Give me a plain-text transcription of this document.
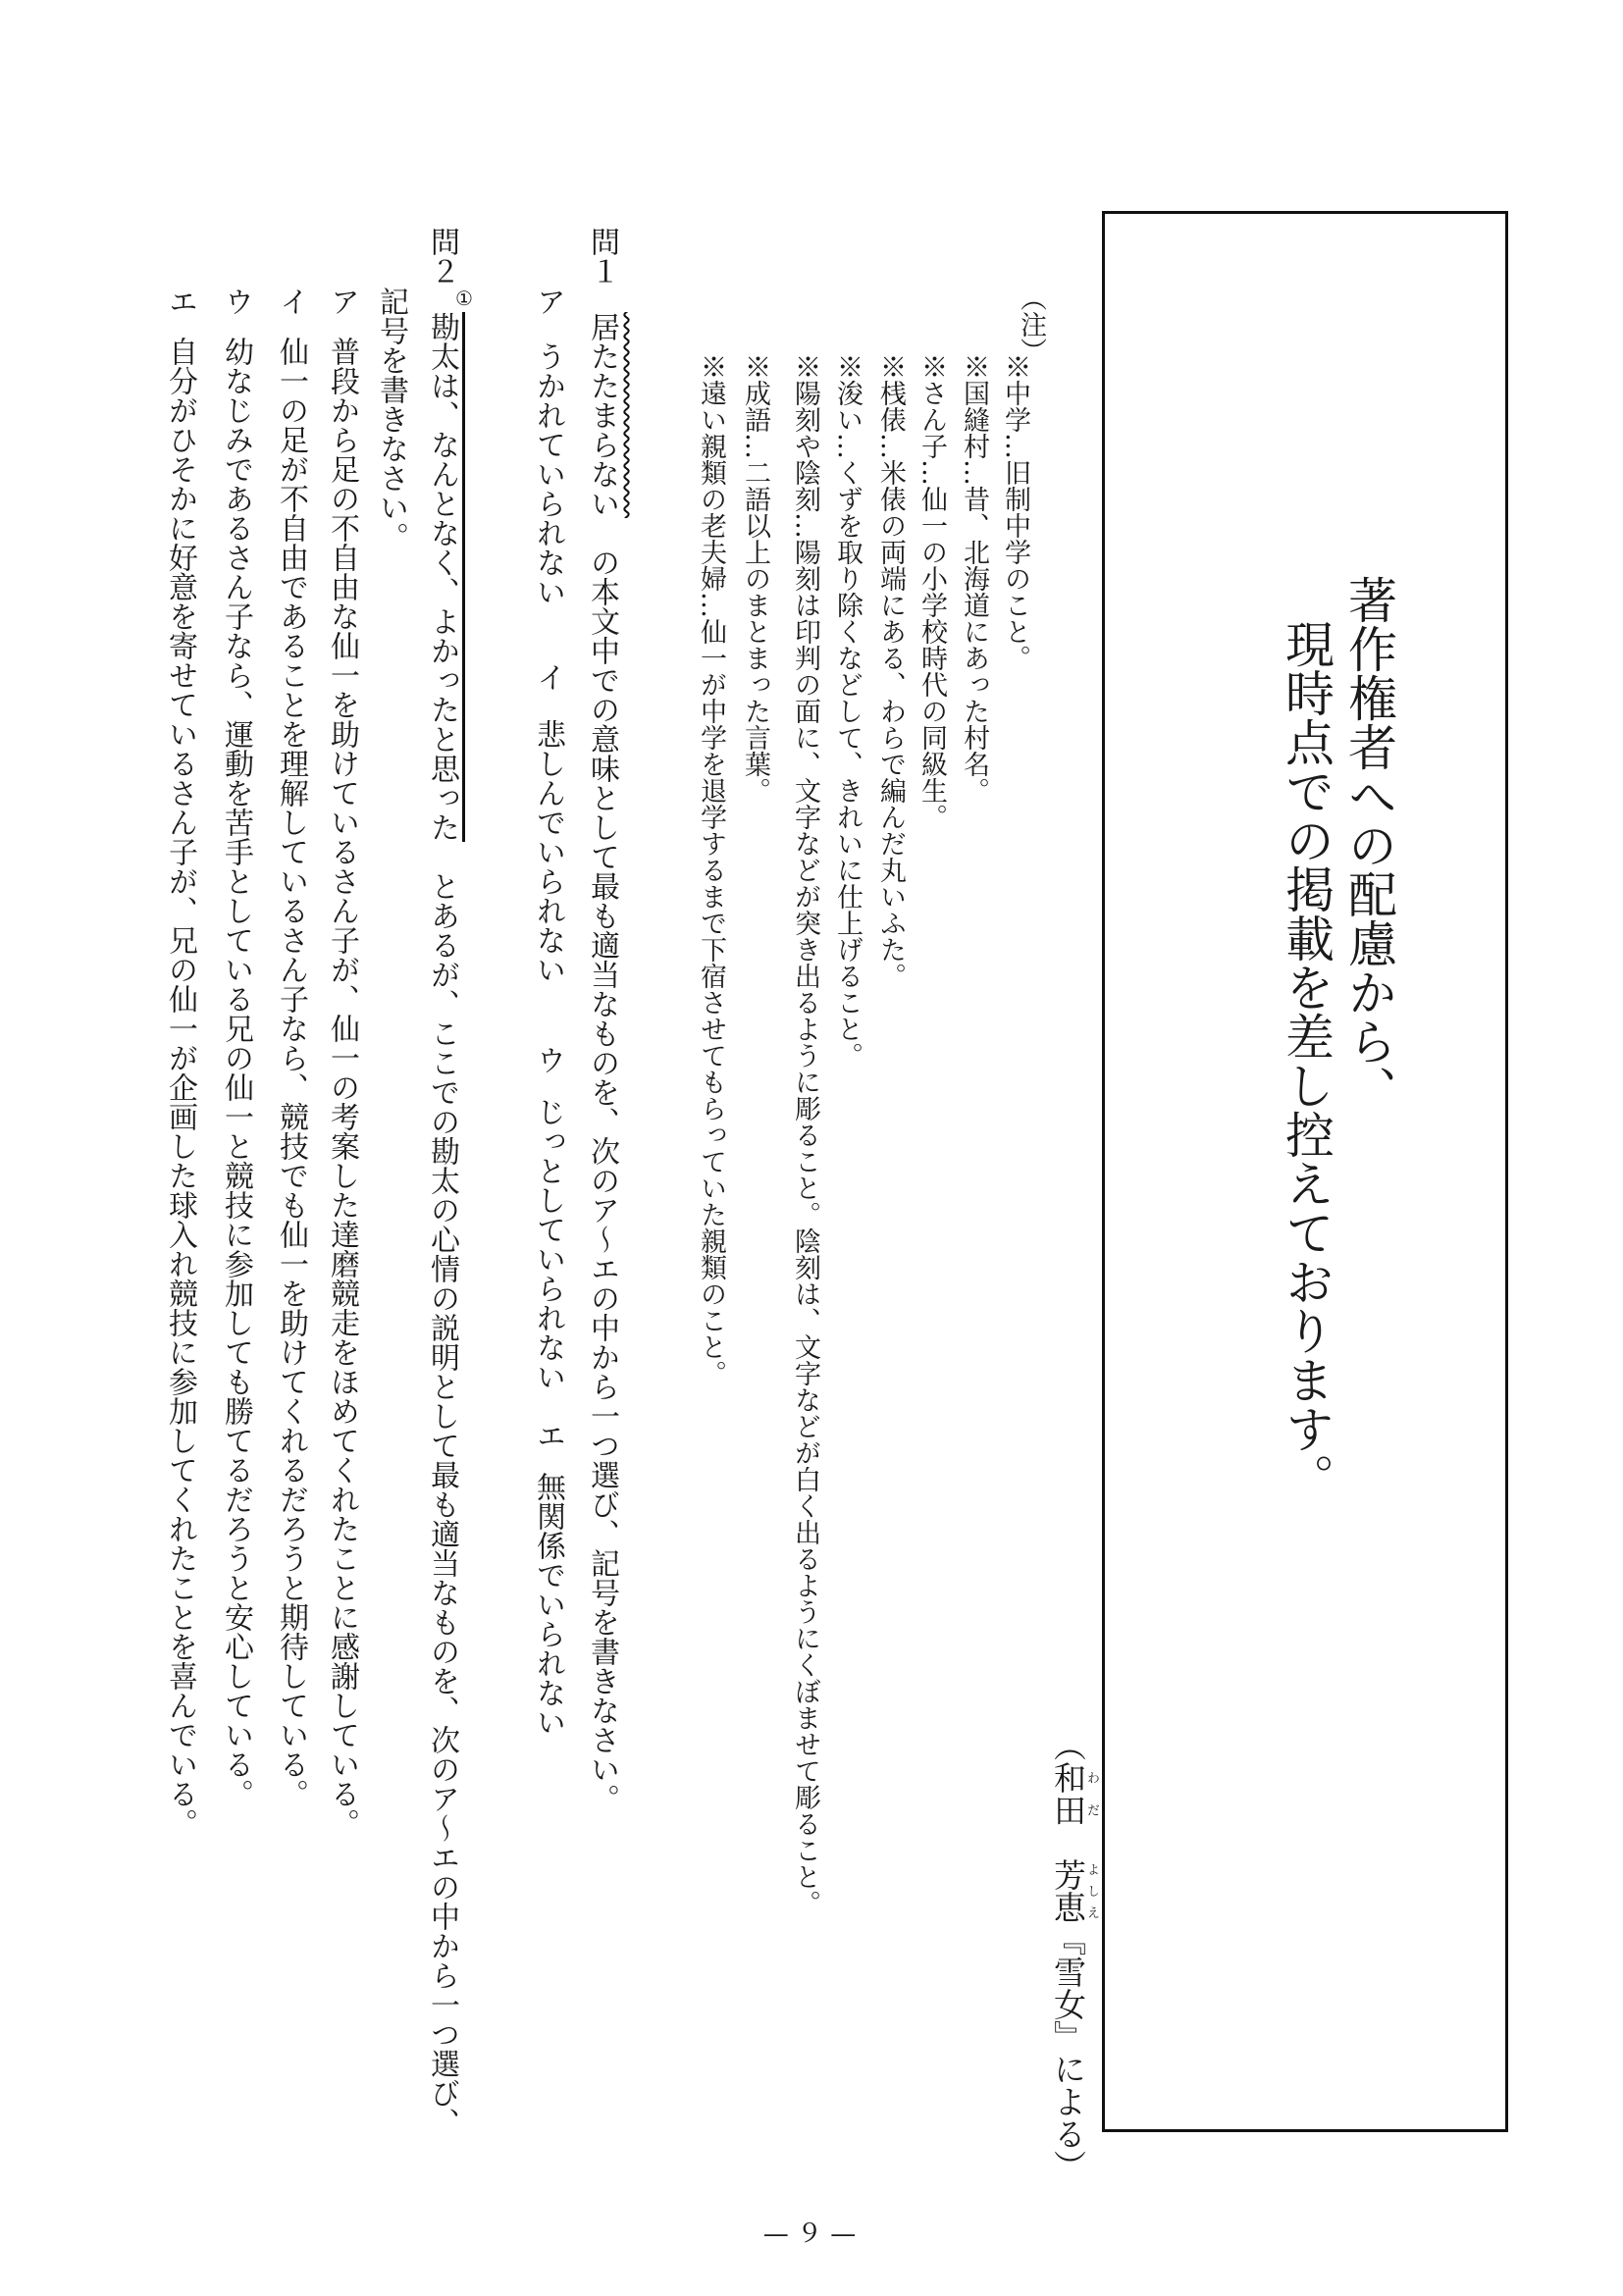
著作権者への配慮から、
現時点での掲載を差し控えております。
（和田わだ　芳恵よしえ『雪女』による）
（注）
※中学…旧制中学のこと。
※国縫村…昔、北海道にあった村名。
※さん子…仙一の小学校時代の同級生。
※桟俵…米俵の両端にある、わらで編んだ丸いふた。
※浚い…くずを取り除くなどして、きれいに仕上げること。
※陽刻や陰刻…陽刻は印判の面に、文字などが突き出るように彫ること。陰刻は、文字などが白く出るようにくぼませて彫ること。
※成語…二語以上のまとまった言葉。
※遠い親類の老夫婦…仙一が中学を退学するまで下宿させてもらっていた親類のこと。
問１
居たたまらない　の本文中での意味として最も適当なものを、次のア～エの中から一つ選び、記号を書きなさい。
ア
うかれていられない
イ
悲しんでいられない
ウ
じっとしていられない
エ
無関係でいられない
問２
①
勘太は、なんとなく、よかったと思った　とあるが、ここでの勘太の心情の説明として最も適当なものを、次のア～エの中から一つ選び、
記号を書きなさい。
ア
普段から足の不自由な仙一を助けているさん子が、仙一の考案した達磨競走をほめてくれたことに感謝している。
イ
仙一の足が不自由であることを理解しているさん子なら、競技でも仙一を助けてくれるだろうと期待している。
ウ
幼なじみであるさん子なら、運動を苦手としている兄の仙一と競技に参加しても勝てるだろうと安心している。
エ
自分がひそかに好意を寄せているさん子が、兄の仙一が企画した球入れ競技に参加してくれたことを喜んでいる。
— ９ —
